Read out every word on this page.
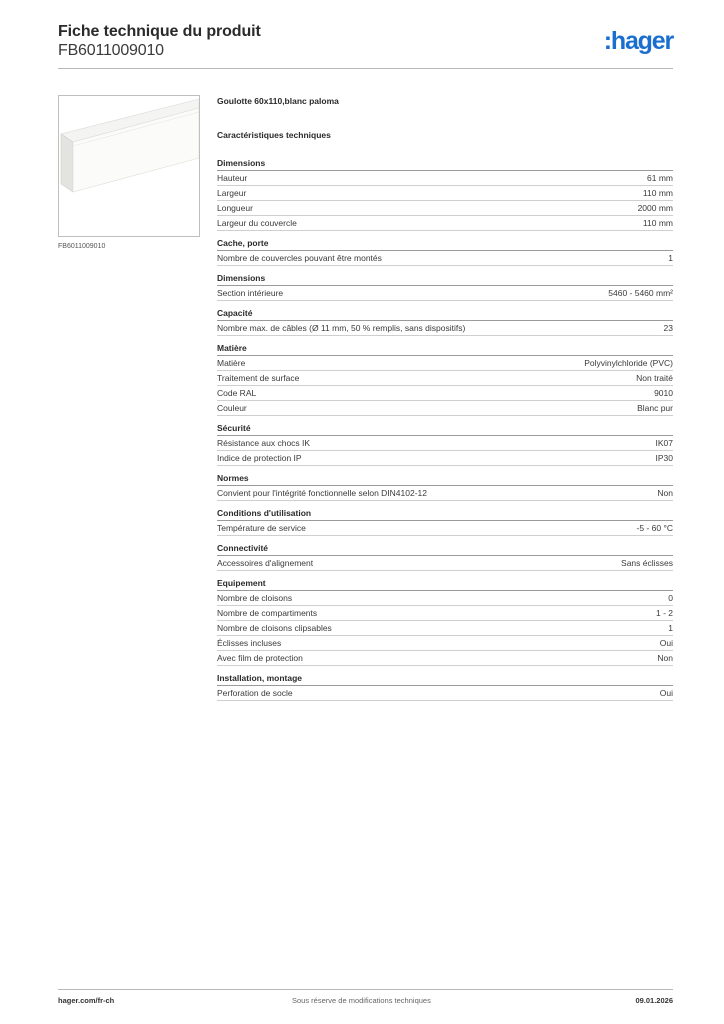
Fiche technique du produit
FB6011009010	:hager
FB6011009010
Goulotte 60x110,blanc paloma
Caractéristiques techniques
Dimensions
Hauteur	61 mm
Largeur	110 mm
Longueur	2000 mm
Largeur du couvercle	110 mm
Cache, porte
Nombre de couvercles pouvant être montés	1
Dimensions
Section intérieure	5460 - 5460 mm²
Capacité
Nombre max. de câbles (Ø 11 mm, 50 % remplis, sans dispositifs)	23
Matière
Matière	Polyvinylchloride (PVC)
Traitement de surface	Non traité
Code RAL	9010
Couleur	Blanc pur
Sécurité
Résistance aux chocs IK	IK07
Indice de protection IP	IP30
Normes
Convient pour l'intégrité fonctionnelle selon DIN4102-12	Non
Conditions d'utilisation
Température de service	-5 - 60 °C
Connectivité
Accessoires d'alignement	Sans éclisses
Equipement
Nombre de cloisons	0
Nombre de compartiments	1 - 2
Nombre de cloisons clipsables	1
Éclisses incluses	Oui
Avec film de protection	Non
Installation, montage
Perforation de socle	Oui
hager.com/fr-ch	Sous réserve de modifications techniques	09.01.2026
